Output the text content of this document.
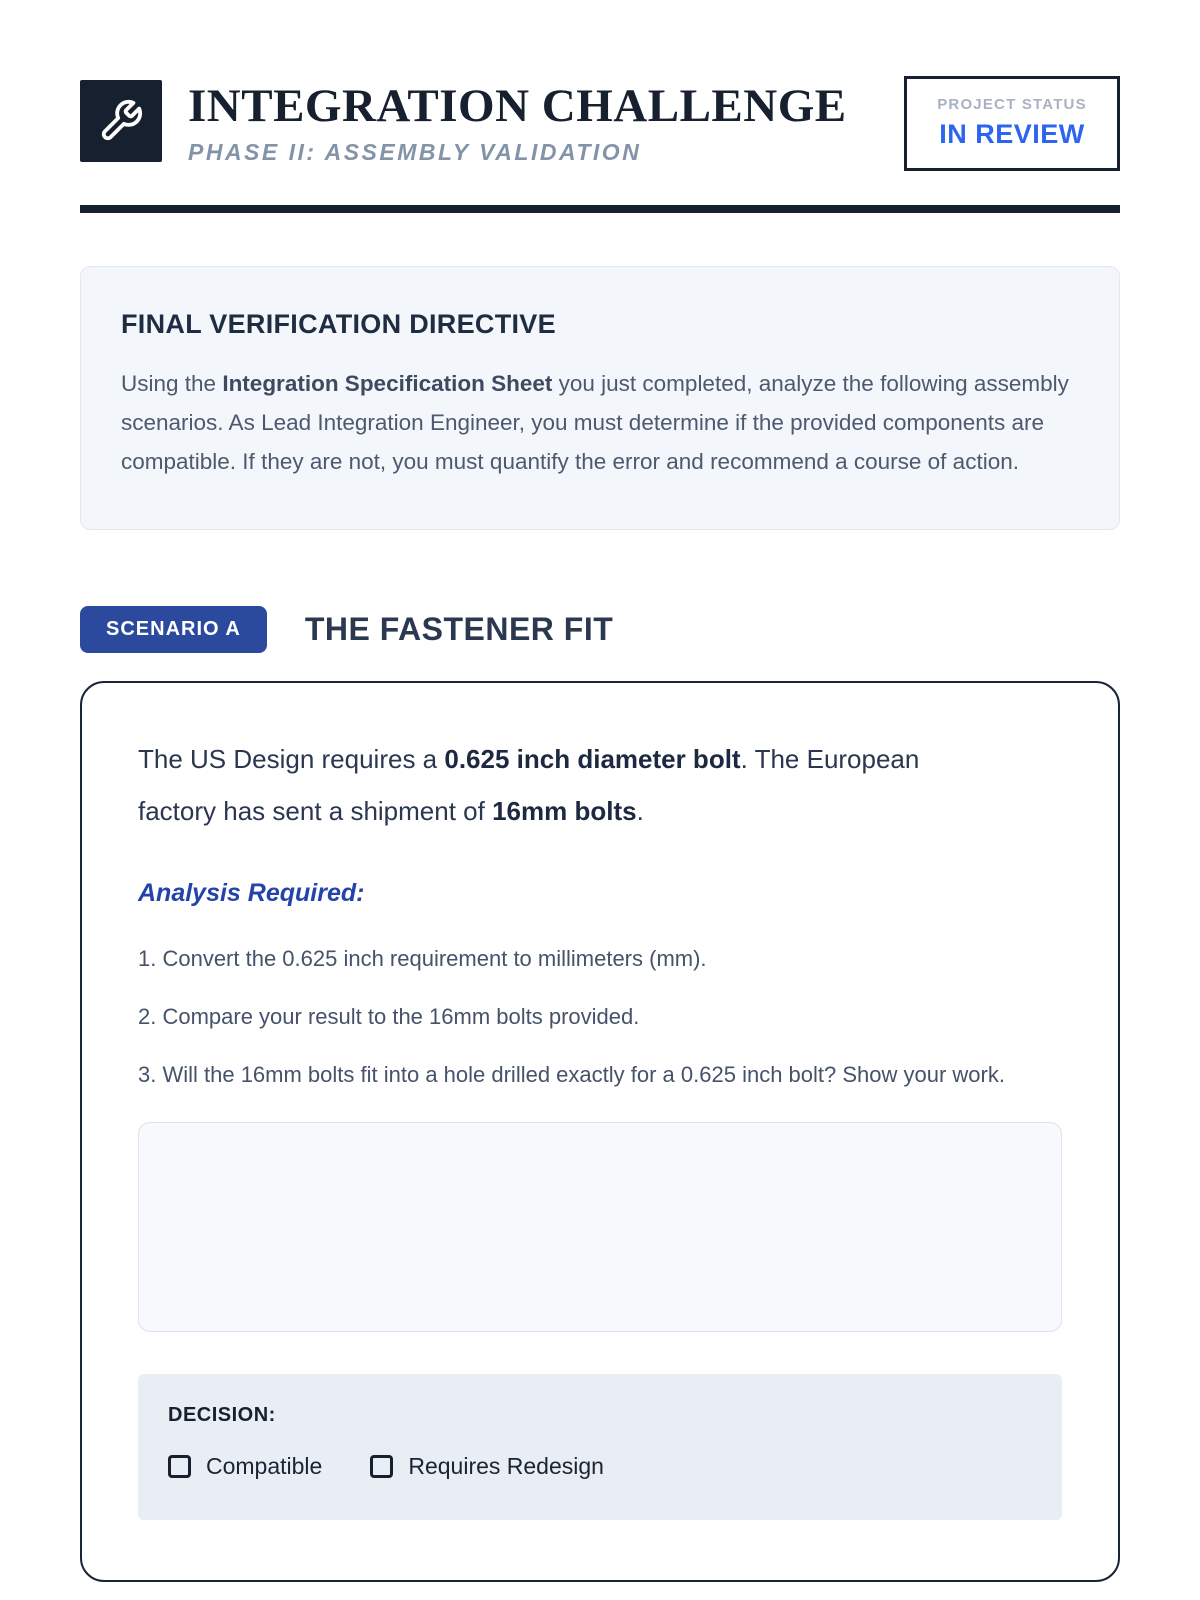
INTEGRATION CHALLENGE
PHASE II: ASSEMBLY VALIDATION
PROJECT STATUS
IN REVIEW
FINAL VERIFICATION DIRECTIVE

Using the Integration Specification Sheet you just completed, analyze the following assembly scenarios. As Lead Integration Engineer, you must determine if the provided components are compatible. If they are not, you must quantify the error and recommend a course of action.

SCENARIO A	THE FASTENER FIT

The US Design requires a 0.625 inch diameter bolt. The European factory has sent a shipment of 16mm bolts.

Analysis Required:

1. Convert the 0.625 inch requirement to millimeters (mm).

2. Compare your result to the 16mm bolts provided.

3. Will the 16mm bolts fit into a hole drilled exactly for a 0.625 inch bolt? Show your work.

DECISION:
Compatible	Requires Redesign
